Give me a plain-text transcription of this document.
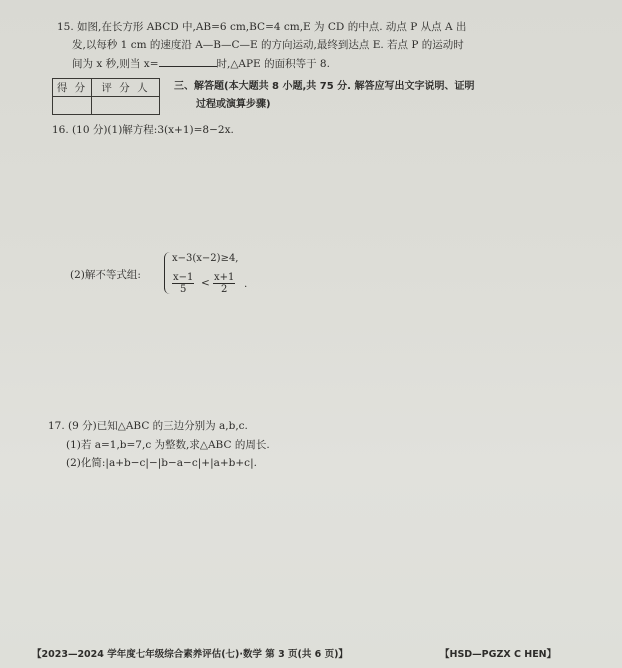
15. 如图,在长方形 ABCD 中,AB=6 cm,BC=4 cm,E 为 CD 的中点. 动点 P 从点 A 出
发,以每秒 1 cm 的速度沿 A—B—C—E 的方向运动,最终到达点 E. 若点 P 的运动时
间为 x 秒,则当 x=	时,△APE 的面积等于 8.
得 分	评 分 人
	三、解答题(本大题共 8 小题,共 75 分. 解答应写出文字说明、证明
过程或演算步骤)
16. (10 分)(1)解方程:3(x+1)=8−2x.
(2)解不等式组:
x−3(x−2)≥4,
$\frac{x-1}{5} < \frac{x+1}{2}$ .
17. (9 分)已知△ABC 的三边分别为 a,b,c.
(1)若 a=1,b=7,c 为整数,求△ABC 的周长.
(2)化简:|a+b−c|−|b−a−c|+|a+b+c|.
【2023—2024 学年度七年级综合素养评估(七)·数学 第 3 页(共 6 页)】	【HSD—PGZX C HEN】
